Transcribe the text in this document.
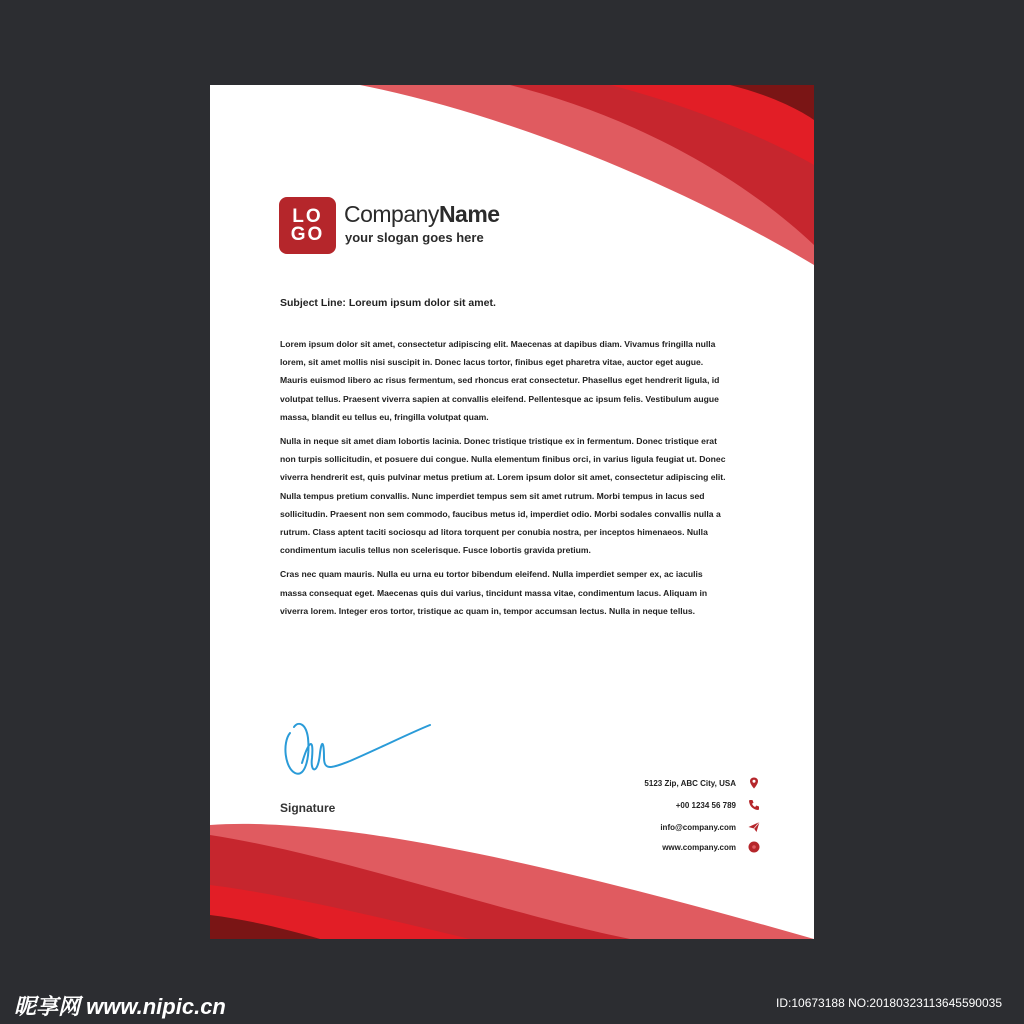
LOGO
CompanyName
your slogan goes here
Subject Line: Loreum ipsum dolor sit amet.

Lorem ipsum dolor sit amet, consectetur adipiscing elit. Maecenas at dapibus diam. Vivamus fringilla nulla lorem, sit amet mollis nisi suscipit in. Donec lacus tortor, finibus eget pharetra vitae, auctor eget augue. Mauris euismod libero ac risus fermentum, sed rhoncus erat consectetur. Phasellus eget hendrerit ligula, id volutpat tellus. Praesent viverra sapien at convallis eleifend. Pellentesque ac ipsum felis. Vestibulum augue massa, blandit eu tellus eu, fringilla volutpat quam.

Nulla in neque sit amet diam lobortis lacinia. Donec tristique tristique ex in fermentum. Donec tristique erat non turpis sollicitudin, et posuere dui congue. Nulla elementum finibus orci, in varius ligula feugiat ut. Donec viverra hendrerit est, quis pulvinar metus pretium at. Lorem ipsum dolor sit amet, consectetur adipiscing elit. Nulla tempus pretium convallis. Nunc imperdiet tempus sem sit amet rutrum. Morbi tempus in lacus sed sollicitudin. Praesent non sem commodo, faucibus metus id, imperdiet odio. Morbi sodales convallis nulla a rutrum. Class aptent taciti sociosqu ad litora torquent per conubia nostra, per inceptos himenaeos. Nulla condimentum iaculis tellus non scelerisque. Fusce lobortis gravida pretium.

Cras nec quam mauris. Nulla eu urna eu tortor bibendum eleifend. Nulla imperdiet semper ex, ac iaculis massa consequat eget. Maecenas quis dui varius, tincidunt massa vitae, condimentum lacus. Aliquam in viverra lorem. Integer eros tortor, tristique ac quam in, tempor accumsan lectus. Nulla in neque tellus.

Signature
5123 Zip, ABC City, USA
+00 1234 56 789
info@company.com
www.company.com
昵享网 www.nipic.cn	ID:10673188 NO:20180323113645590035
